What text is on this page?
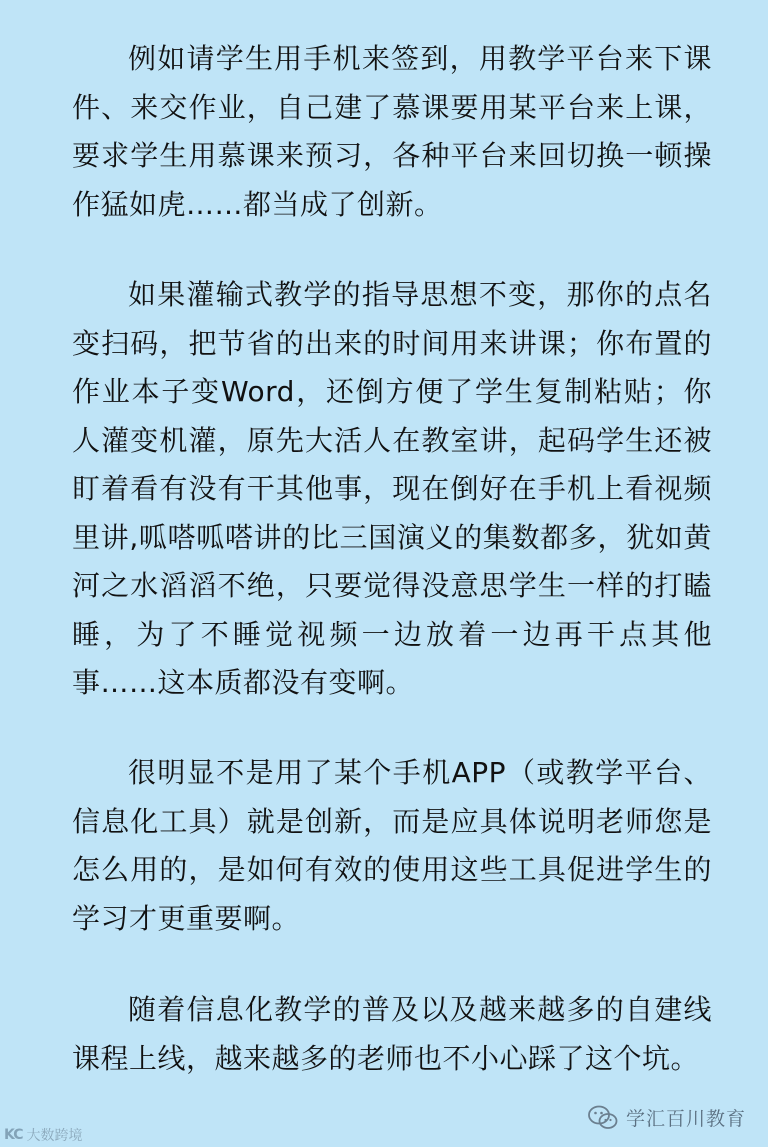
例如请学生用手机来签到，用教学平台来下课件、来交作业，自己建了慕课要用某平台来上课，要求学生用慕课来预习，各种平台来回切换一顿操作猛如虎……都当成了创新。

如果灌输式教学的指导思想不变，那你的点名变扫码，把节省的出来的时间用来讲课；你布置的作业本子变Word，还倒方便了学生复制粘贴；你人灌变机灌，原先大活人在教室讲，起码学生还被盯着看有没有干其他事，现在倒好在手机上看视频里讲,呱嗒呱嗒讲的比三国演义的集数都多，犹如黄河之水滔滔不绝，只要觉得没意思学生一样的打瞌睡，为了不睡觉视频一边放着一边再干点其他事……这本质都没有变啊。

很明显不是用了某个手机APP（或教学平台、信息化工具）就是创新，而是应具体说明老师您是怎么用的，是如何有效的使用这些工具促进学生的学习才更重要啊。

随着信息化教学的普及以及越来越多的自建线课程上线，越来越多的老师也不小心踩了这个坑。

KC 大数跨境
学汇百川教育
